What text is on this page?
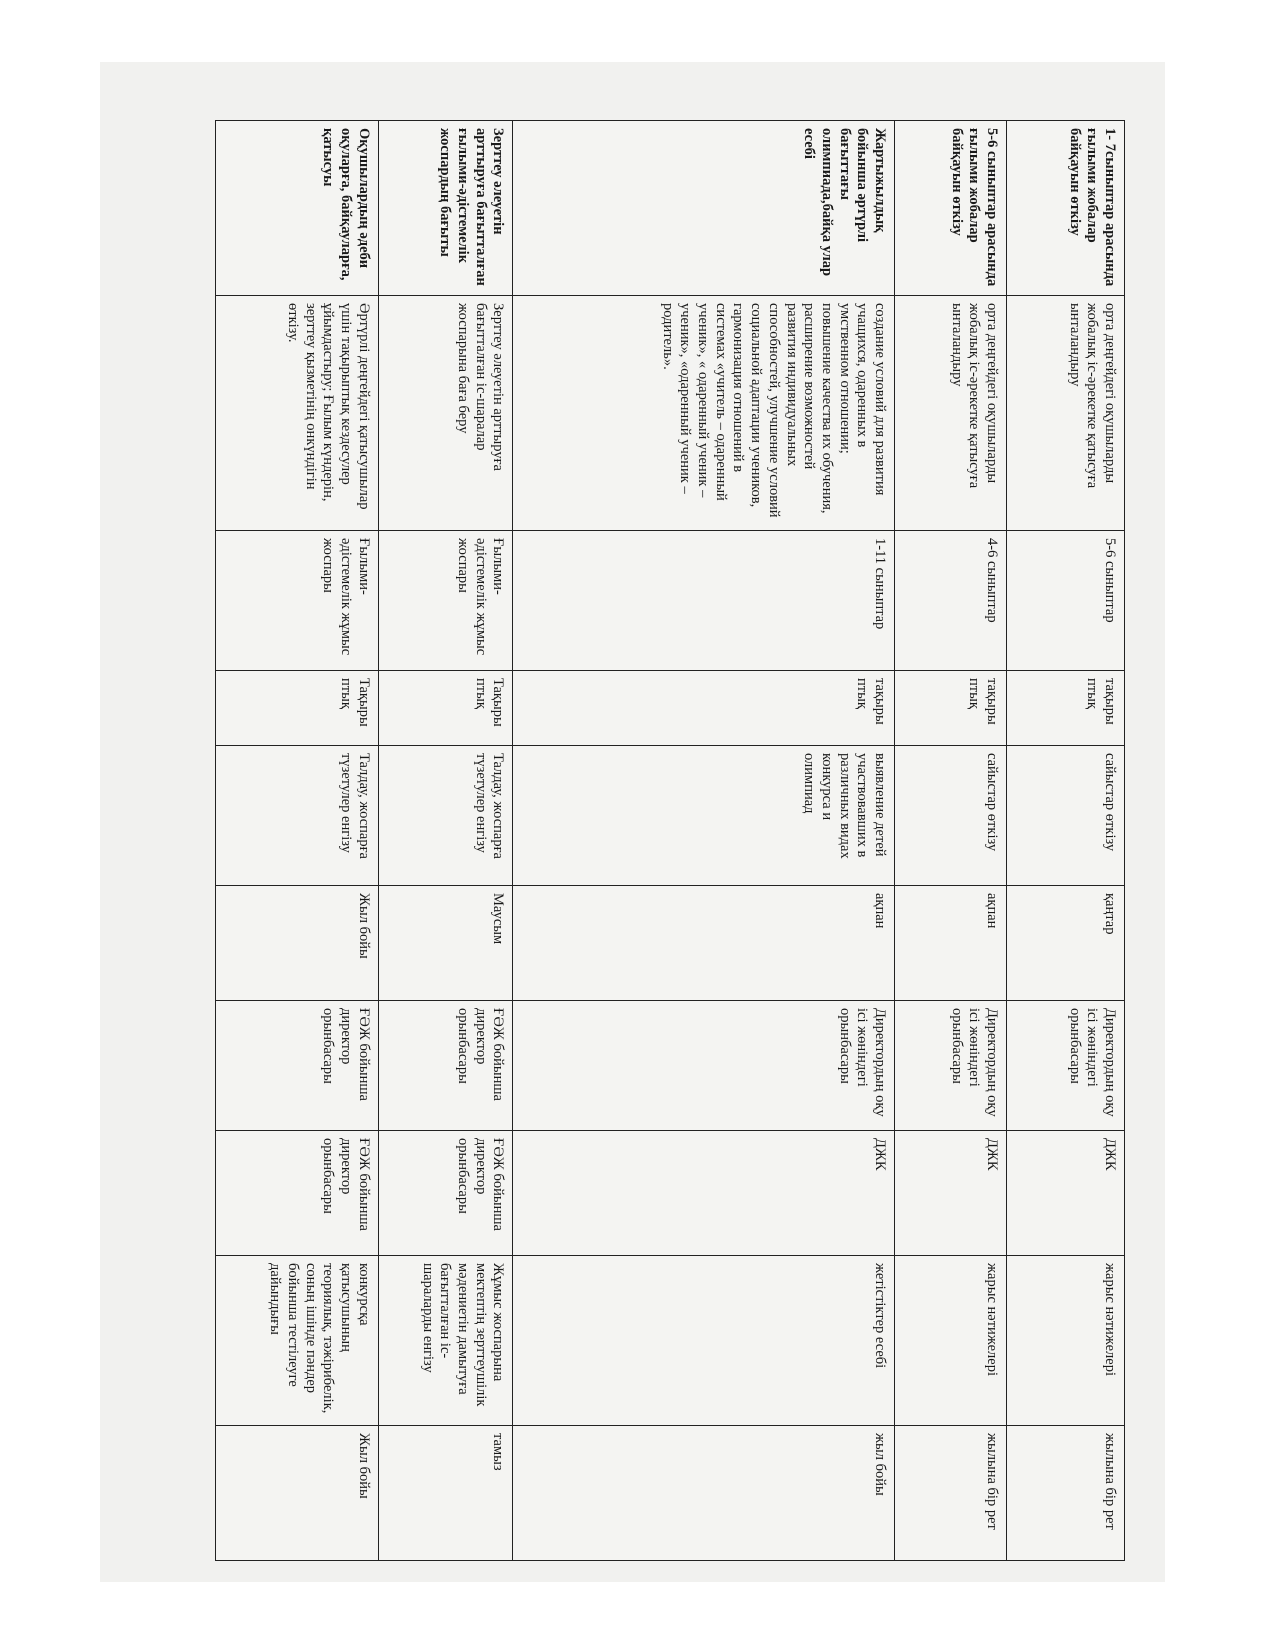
1- 7сыныптар арасында ғылыми жобалар байқауын өткізу	орта деңгейдегі оқушыларды жобалық іс-әрекетке қатысуға ынталандыру	5-6 сыныптар	тақыры птық	сайыстар өткізу	қаңтар	Директордың оқу ісі жөніндегі орынбасары	ДЖК	жарыс нәтижелері	жылына бір рет
5-6 сыныптар арасында ғылыми жобалар байқауын өткізу	орта деңгейдегі оқушыларды жобалық іс-әрекетке қатысуға ынталандыру	4-6 сыныптар	тақыры птық	сайыстар өткізу	ақпан	Директордың оқу ісі жөніндегі орынбасары	ДЖК	жарыс нәтижелері	жылына бір рет
Жартыжылдық бойынша әртүрлі бағыттағы олимпиада,байқа улар есебі	создание условий для развития учащихся, одаренных в умственном отношении; повышение качества их обучения, расширение возможностей развития индивидуальных способностей, улучшение условий социальной адаптации учеников, гармонизация отношений в системах «учитель – одаренный ученик», « одаренный ученик – ученик», «одаренный ученик – родитель».	1-11 сыныптар	тақыры птық	выявление детей участвовавших в различных видах конкурса и олимпиад	ақпан	Директордың оқу ісі жөніндегі орынбасары	ДЖК	жетістіктер есебі	жыл бойы
Зерттеу әлеуетін арттыруға бағытталған ғылыми-әдістемелік жоспардың бағыты	Зерттеу әлеуетін арттыруға бағытталған іс-шаралар жоспарына баға беру	Ғылыми-әдістемелік жұмыс жоспары	Тақыры птық	Талдау, жоспарға түзетулер енгізу	Маусым	ҒӘЖ бойынша директор орынбасары	ҒӘЖ бойынша директор орынбасары	Жұмыс жоспарына мектептің зерттеушілік мәдениетін дамытуға бағытталған іс-шараларды енгізу	тамыз
Оқушылардың әдеби оқуларға, байқауларға, қатысуы	Әртүрлі деңгейдегі қатысушылар үшін тақырыптық кездесулер ұйымдастыру; Ғылым күндерін, зерттеу қызметінің онкүндігін өткізу.	Ғылыми-әдістемелік жұмыс жоспары	Тақыры птық	Талдау, жоспарға түзетулер енгізу	Жыл бойы	ҒӘЖ бойынша директор орынбасары	ҒӘЖ бойынша директор орынбасары	конкурсқа қатысушының теориялық, тәжірибелік, соның ішінде пәндер бойынша тестілеуге дайындығы	Жыл бойы
